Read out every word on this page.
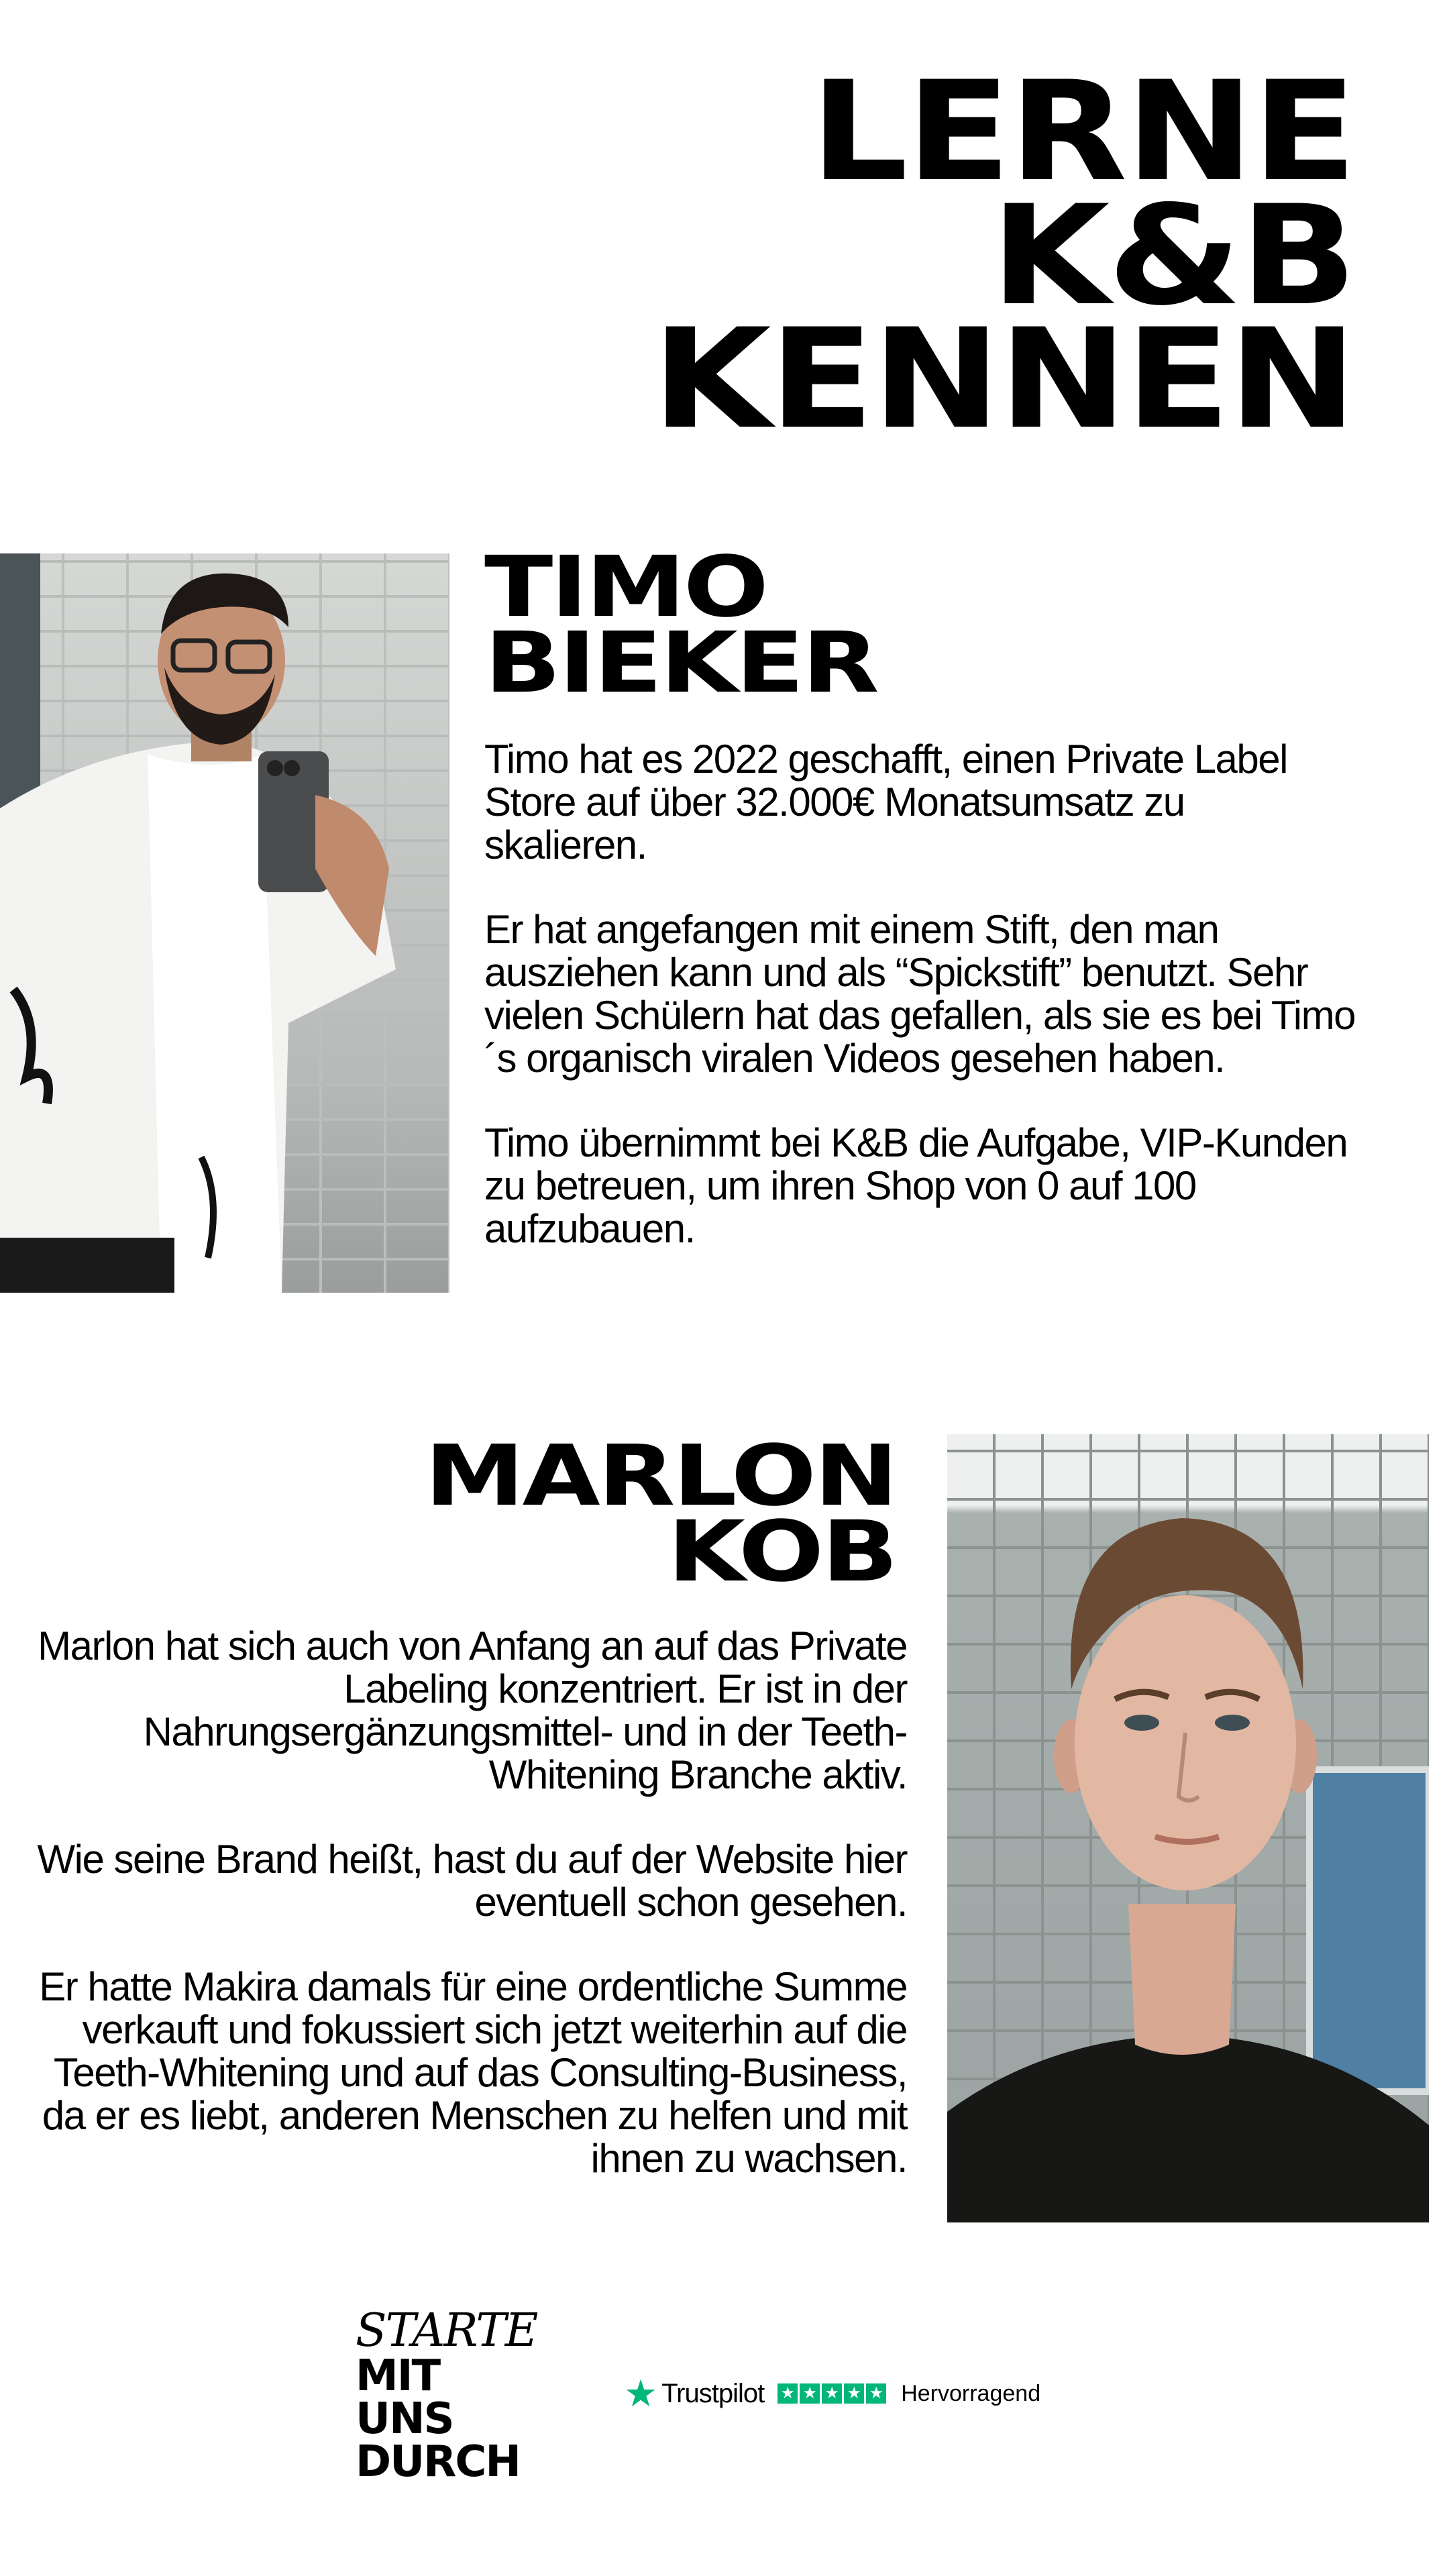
LERNE
K&B
KENNEN
TIMO
BIEKER

Timo hat es 2022 geschafft, einen Private Label Store auf über 32.000€ Monatsumsatz zu skalieren.

Er hat angefangen mit einem Stift, den man ausziehen kann und als “Spickstift” benutzt. Sehr vielen Schülern hat das gefallen, als sie es bei Timo´s organisch viralen Videos gesehen haben.

Timo übernimmt bei K&B die Aufgabe, VIP-Kunden zu betreuen, um ihren Shop von 0 auf 100 aufzubauen.

MARLON
KOB

Marlon hat sich auch von Anfang an auf das Private Labeling konzentriert. Er ist in der Nahrungsergänzungsmittel- und in der Teeth-Whitening Branche aktiv.

Wie seine Brand heißt, hast du auf der Website hier eventuell schon gesehen.

Er hatte Makira damals für eine ordentliche Summe verkauft und fokussiert sich jetzt weiterhin auf die Teeth-Whitening und auf das Consulting-Business, da er es liebt, anderen Menschen zu helfen und mit ihnen zu wachsen.

STARTE
MIT
UNS
DURCH
★ Trustpilot ★ ★ ★ ★ ★ Hervorragend
